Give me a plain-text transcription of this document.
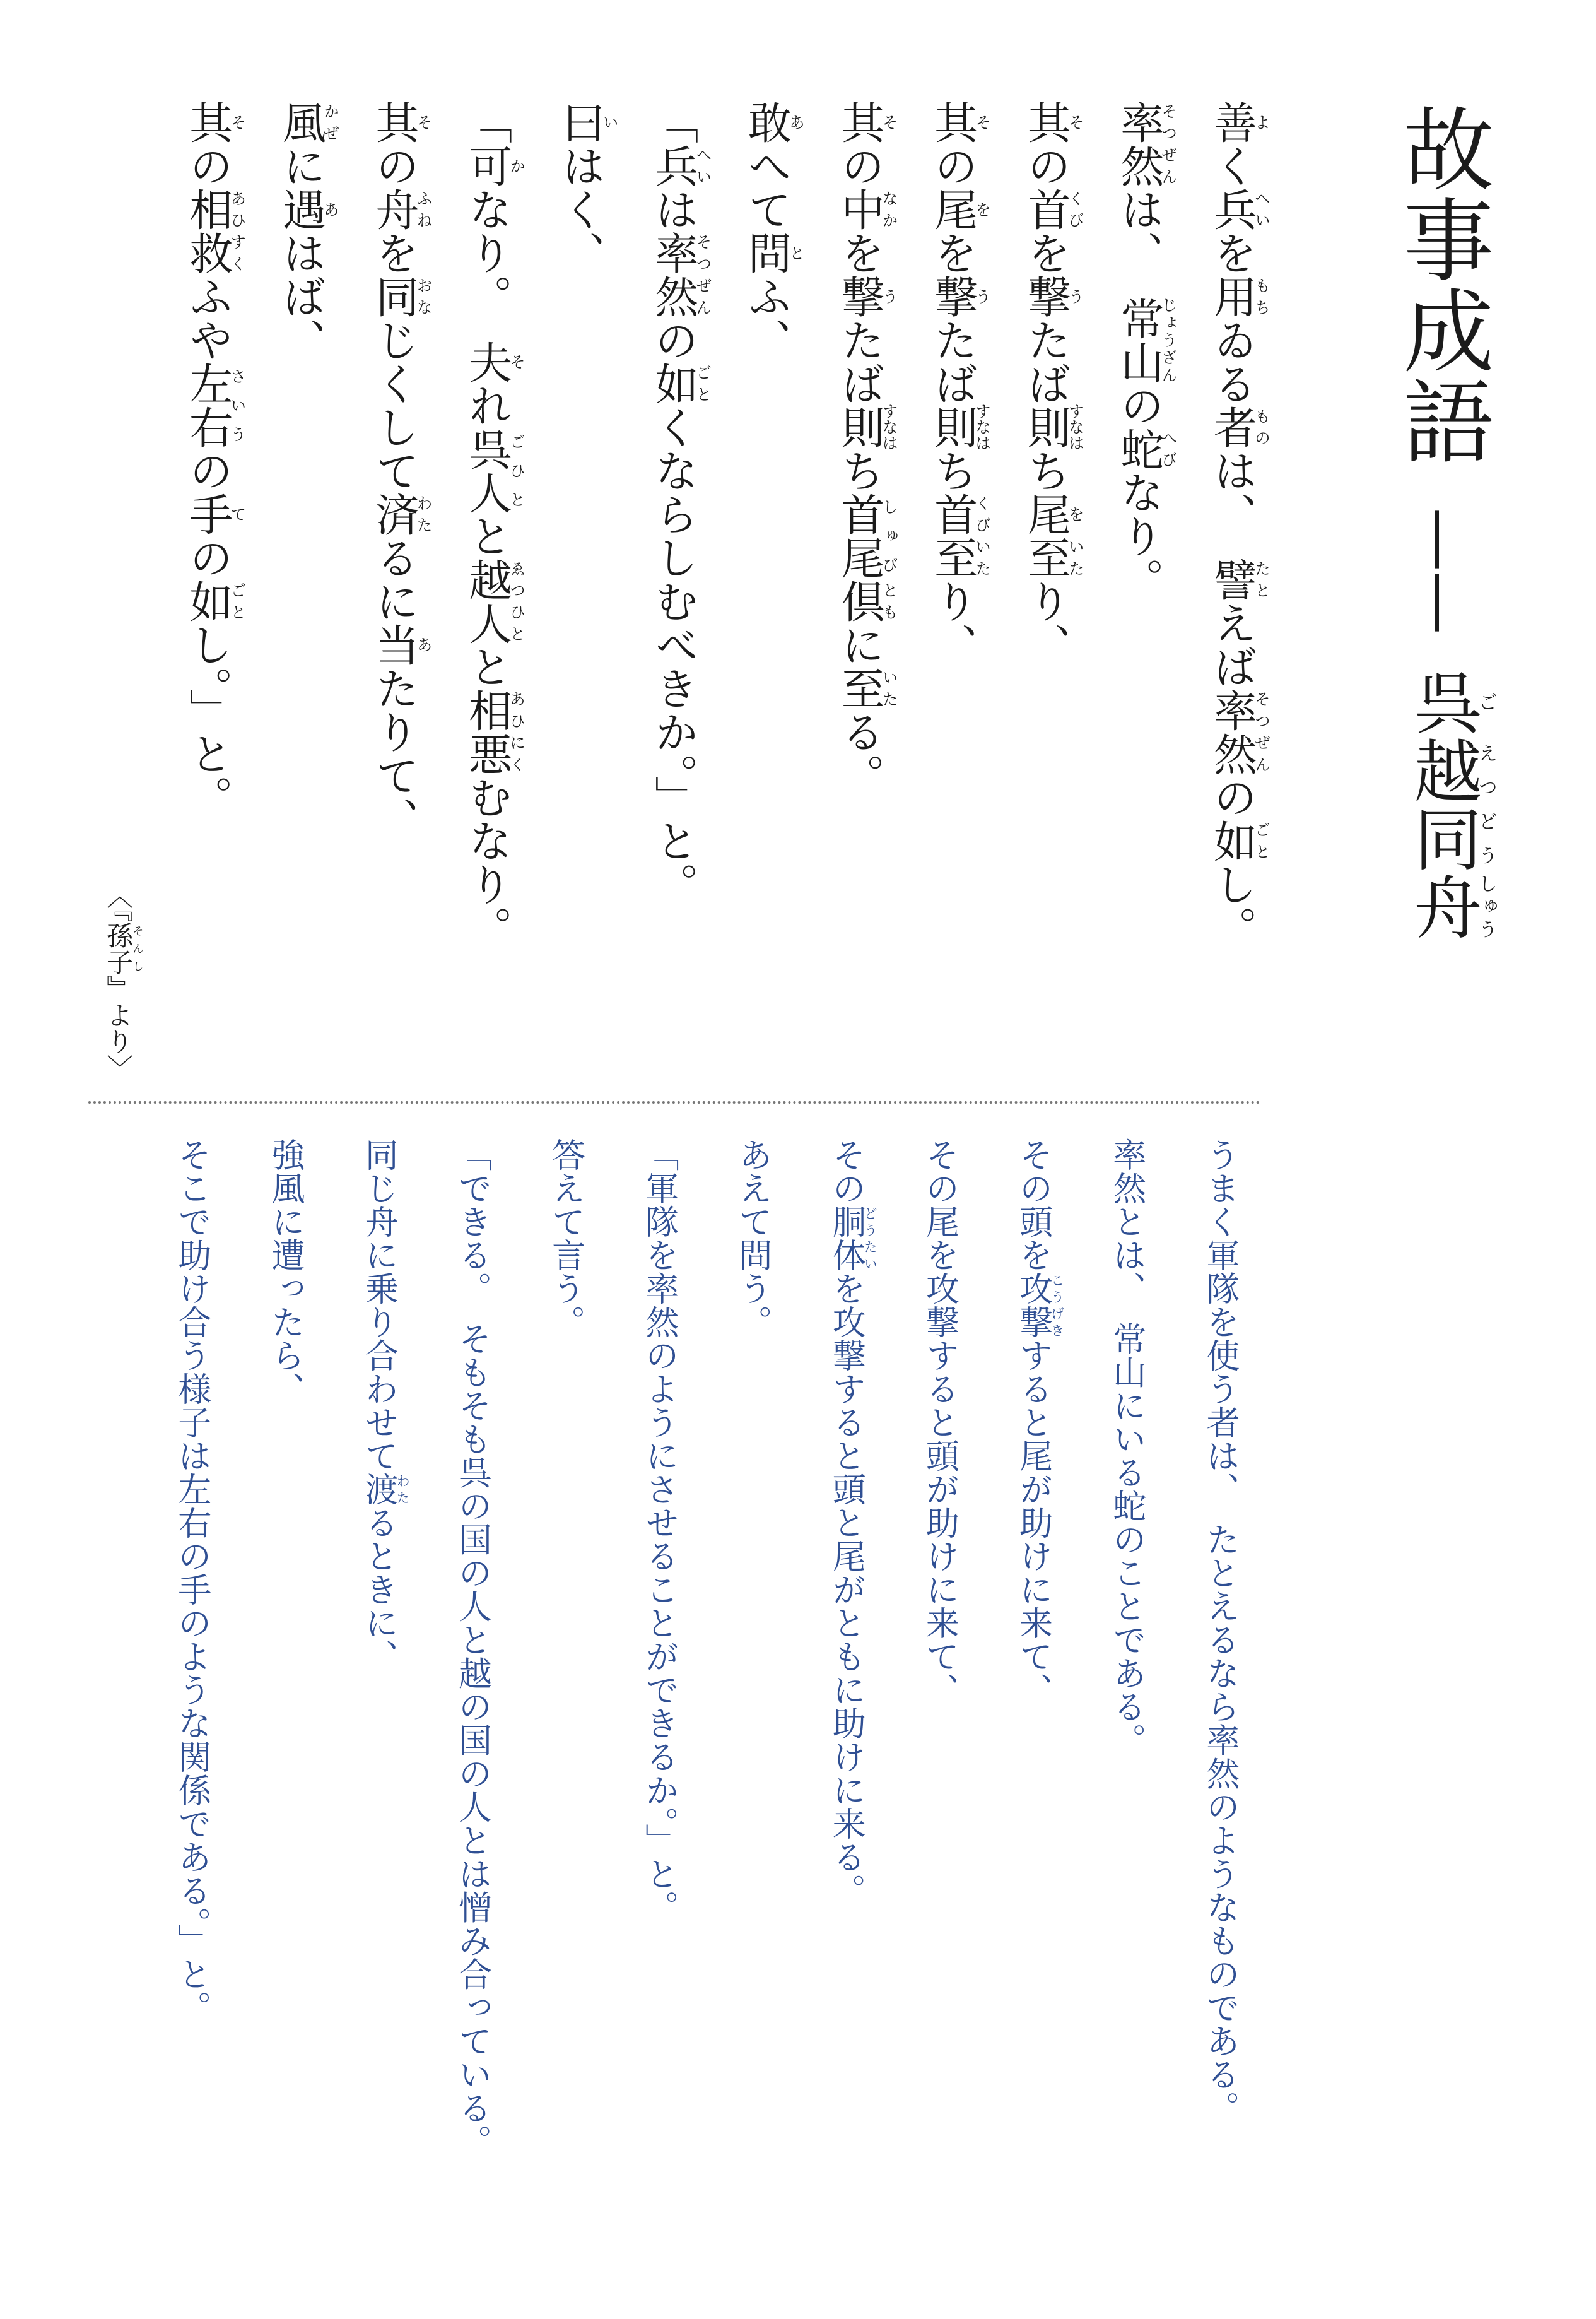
故事成語
——
呉ご越えつ同どう舟しゅう
善よく兵へいを用もちゐる者ものは、　譬たとえば率然そつぜんの如ごとし。
率然そつぜんは、　常山じょうざんの蛇へびなり。
其その首くびを撃うたば則すなはち尾を至いたり、
其その尾をを撃うたば則すなはち首くび至いたり、
其その中なかを撃うたば則すなはち首尾しゅび倶ともに至いたる。
敢あへて問とふ、
「兵へいは率然そつぜんの如ごとくならしむべきか。」と。
曰いはく、
「可かなり。　夫それ呉人ごひとと越人ゑつひとと相悪あひにくむなり。
其その舟ふねを同おなじくして済わたるに当あたりて、
風かぜに遇あはば、
其その相救あひすくふや左右さいうの手ての如ごとし。」と。
〈『孫子そんし』より〉
うまく軍隊を使う者は、　たとえるなら率然のようなものである。
率然とは、　常山にいる蛇のことである。
その頭を攻撃こうげきすると尾が助けに来て、
その尾を攻撃すると頭が助けに来て、
その胴体どうたいを攻撃すると頭と尾がともに助けに来る。
あえて問う。
「軍隊を率然のようにさせることができるか。」と。
答えて言う。
「できる。　そもそも呉の国の人と越の国の人とは憎み合っている。
同じ舟に乗り合わせて渡わたるときに、
強風に遭ったら、
そこで助け合う様子は左右の手のような関係である。」と。
